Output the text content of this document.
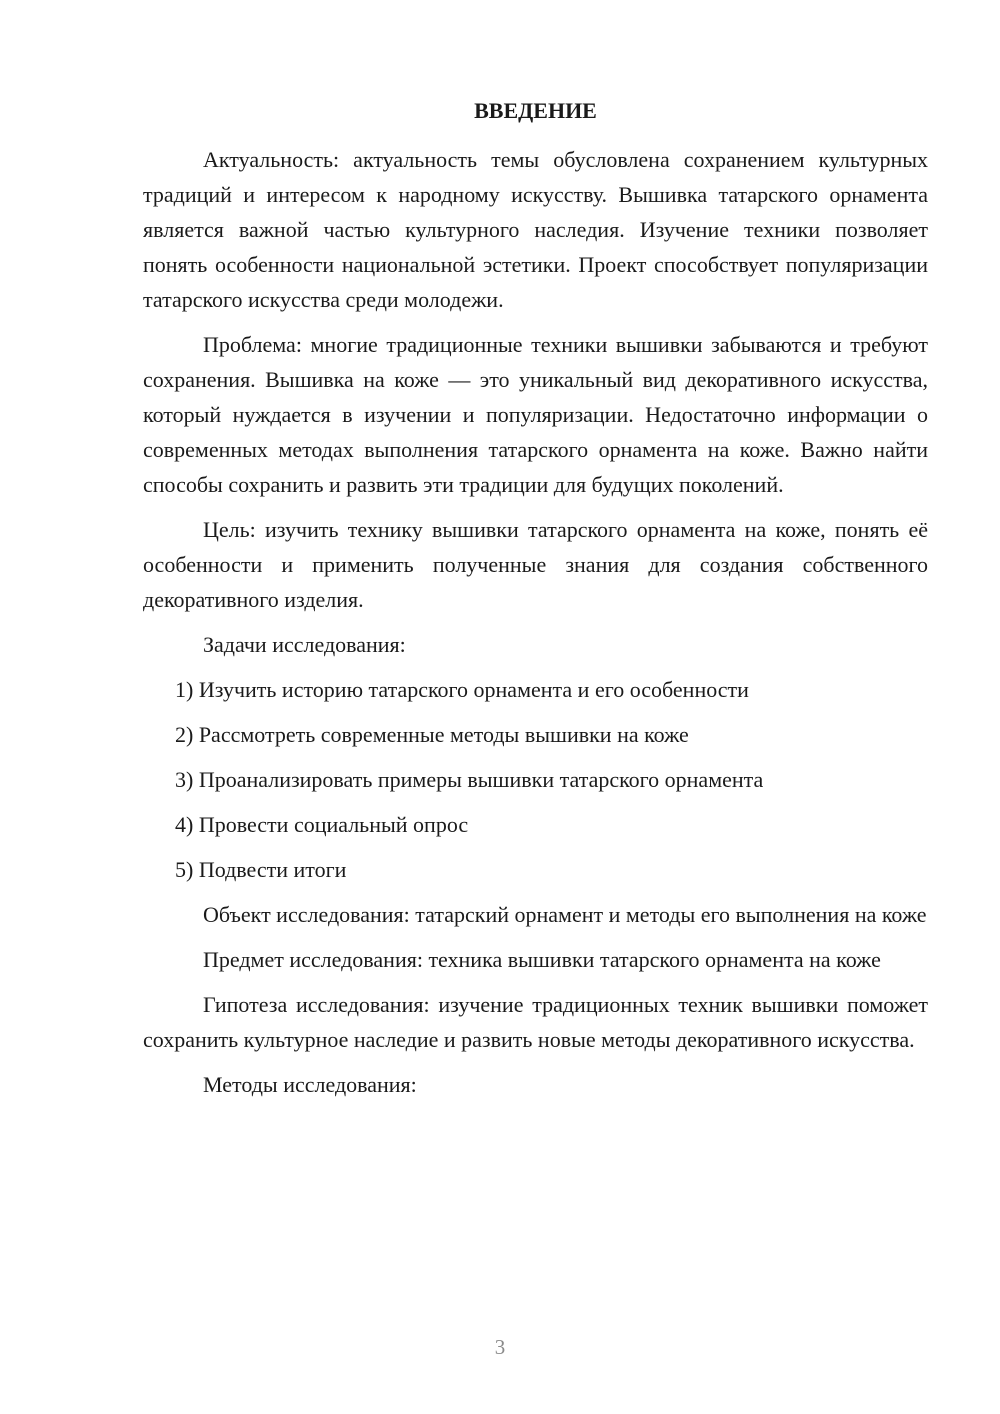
ВВЕДЕНИЕ

Актуальность: актуальность темы обусловлена сохранением культурных традиций и интересом к народному искусству. Вышивка татарского орнамента является важной частью культурного наследия. Изучение техники позволяет понять особенности национальной эстетики. Проект способствует популяризации татарского искусства среди молодежи.

Проблема: многие традиционные техники вышивки забываются и требуют сохранения. Вышивка на коже — это уникальный вид декоративного искусства, который нуждается в изучении и популяризации. Недостаточно информации о современных методах выполнения татарского орнамента на коже. Важно найти способы сохранить и развить эти традиции для будущих поколений.

Цель: изучить технику вышивки татарского орнамента на коже, понять её особенности и применить полученные знания для создания собственного декоративного изделия.

Задачи исследования:

1) Изучить историю татарского орнамента и его особенности
2) Рассмотреть современные методы вышивки на коже
3) Проанализировать примеры вышивки татарского орнамента
4) Провести социальный опрос
5) Подвести итоги

Объект исследования: татарский орнамент и методы его выполнения на коже

Предмет исследования: техника вышивки татарского орнамента на коже

Гипотеза исследования: изучение традиционных техник вышивки поможет сохранить культурное наследие и развить новые методы декоративного искусства.

Методы исследования:

3
